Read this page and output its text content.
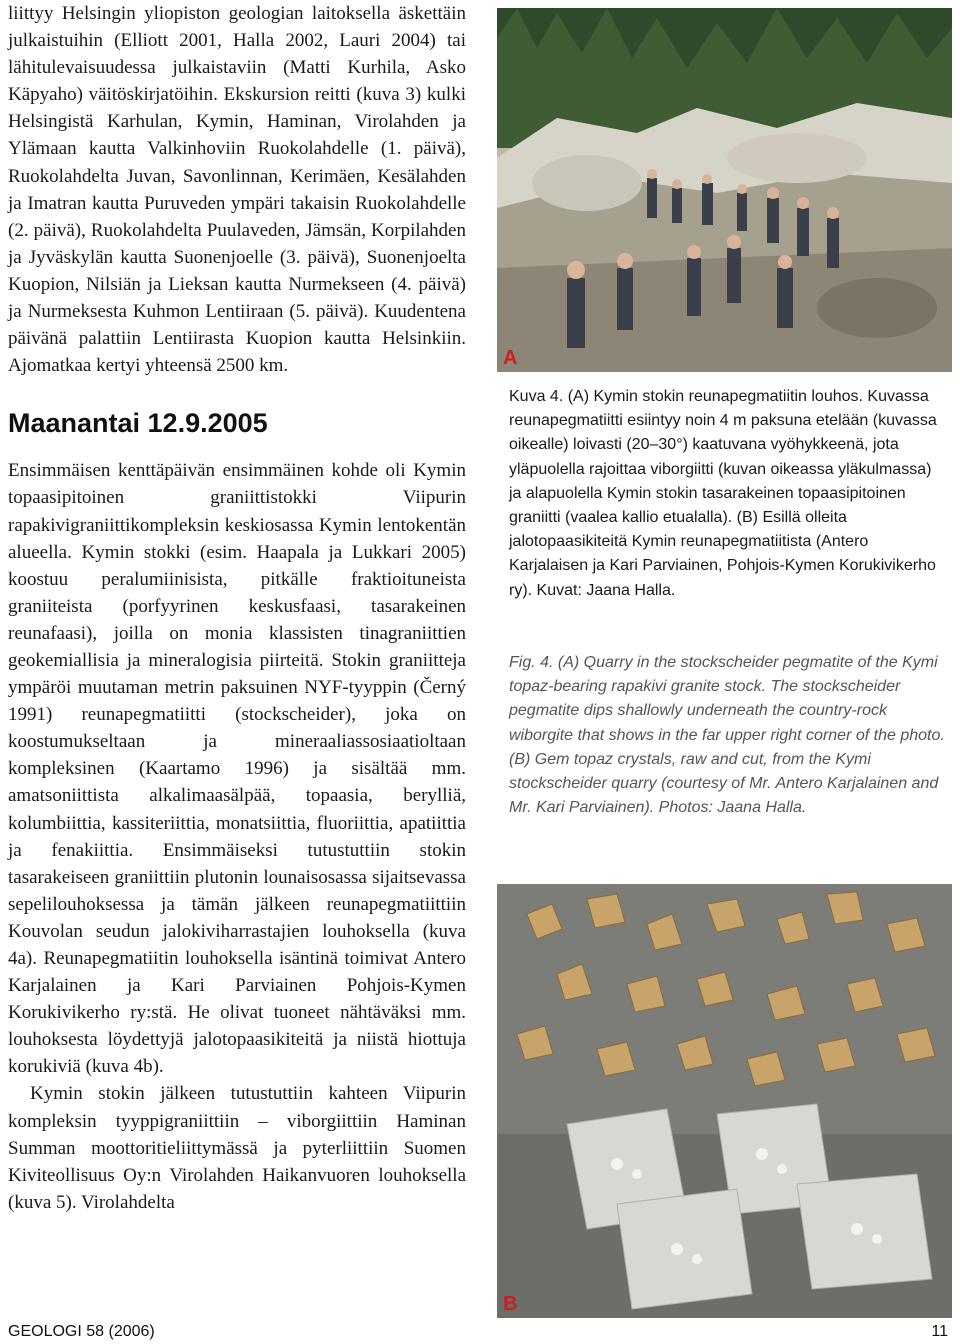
liittyy Helsingin yliopiston geologian laitoksella äskettäin julkaistuihin (Elliott 2001, Halla 2002, Lauri 2004) tai lähitulevaisuudessa julkaistaviin (Matti Kurhila, Asko Käpyaho) väitöskirjatöihin. Ekskursion reitti (kuva 3) kulki Helsingistä Karhulan, Kymin, Haminan, Virolahden ja Ylämaan kautta Valkinhoviin Ruokolahdelle (1. päivä), Ruokolahdelta Juvan, Savonlinnan, Kerimäen, Kesälahden ja Imatran kautta Puruveden ympäri takaisin Ruokolahdelle (2. päivä), Ruokolahdelta Puulaveden, Jämsän, Korpilahden ja Jyväskylän kautta Suonenjoelle (3. päivä), Suonenjoelta Kuopion, Nilsiän ja Lieksan kautta Nurmekseen (4. päivä) ja Nurmeksesta Kuhmon Lentiiraan (5. päivä). Kuudentena päivänä palattiin Lentiirasta Kuopion kautta Helsinkiin. Ajomatkaa kertyi yhteensä 2500 km.

Maanantai 12.9.2005

Ensimmäisen kenttäpäivän ensimmäinen kohde oli Kymin topaasipitoinen graniittistokki Viipurin rapakivigraniittikompleksin keskiosassa Kymin lentokentän alueella. Kymin stokki (esim. Haapala ja Lukkari 2005) koostuu peralumiinisista, pitkälle fraktioituneista graniiteista (porfyyrinen keskusfaasi, tasarakeinen reunafaasi), joilla on monia klassisten tinagraniittien geokemiallisia ja mineralogisia piirteitä. Stokin graniitteja ympäröi muutaman metrin paksuinen NYF-tyyppin (Černý 1991) reunapegmatiitti (stockscheider), joka on koostumukseltaan ja mineraaliassosiaatioltaan kompleksinen (Kaartamo 1996) ja sisältää mm. amatsoniittista alkalimaasälpää, topaasia, berylliä, kolumbiittia, kassiteriittia, monatsiittia, fluoriittia, apatiittia ja fenakiittia. Ensimmäiseksi tutustuttiin stokin tasarakeiseen graniittiin plutonin lounaisosassa sijaitsevassa sepelilouhoksessa ja tämän jälkeen reunapegmatiittiin Kouvolan seudun jalokiviharrastajien louhoksella (kuva 4a). Reunapegmatiitin louhoksella isäntinä toimivat Antero Karjalainen ja Kari Parviainen Pohjois-Kymen Korukivikerho ry:stä. He olivat tuoneet nähtäväksi mm. louhoksesta löydettyjä jalotopaasikiteitä ja niistä hiottuja korukiviä (kuva 4b).

Kymin stokin jälkeen tutustuttiin kahteen Viipurin kompleksin tyyppigraniittiin – viborgiittiin Haminan Summan moottoritieliittymässä ja pyterliittiin Suomen Kiviteollisuus Oy:n Virolahden Haikanvuoren louhoksella (kuva 5). Virolahdelta

A

Kuva 4. (A) Kymin stokin reunapegmatiitin louhos. Kuvassa reunapegmatiitti esiintyy noin 4 m paksuna etelään (kuvassa oikealle) loivasti (20–30°) kaatuvana vyöhykkeenä, jota yläpuolella rajoittaa viborgiitti (kuvan oikeassa yläkulmassa) ja alapuolella Kymin stokin tasarakeinen topaasipitoinen graniitti (vaalea kallio etualalla). (B) Esillä olleita jalotopaasikiteitä Kymin reunapegmatiitista (Antero Karjalaisen ja Kari Parviainen, Pohjois-Kymen Korukivikerho ry). Kuvat: Jaana Halla.

Fig. 4. (A) Quarry in the stockscheider pegmatite of the Kymi topaz-bearing rapakivi granite stock. The stockscheider pegmatite dips shallowly underneath the country-rock wiborgite that shows in the far upper right corner of the photo. (B) Gem topaz crystals, raw and cut, from the Kymi stockscheider quarry (courtesy of Mr. Antero Karjalainen and Mr. Kari Parviainen). Photos: Jaana Halla.

B
GEOLOGI 58 (2006)	11
